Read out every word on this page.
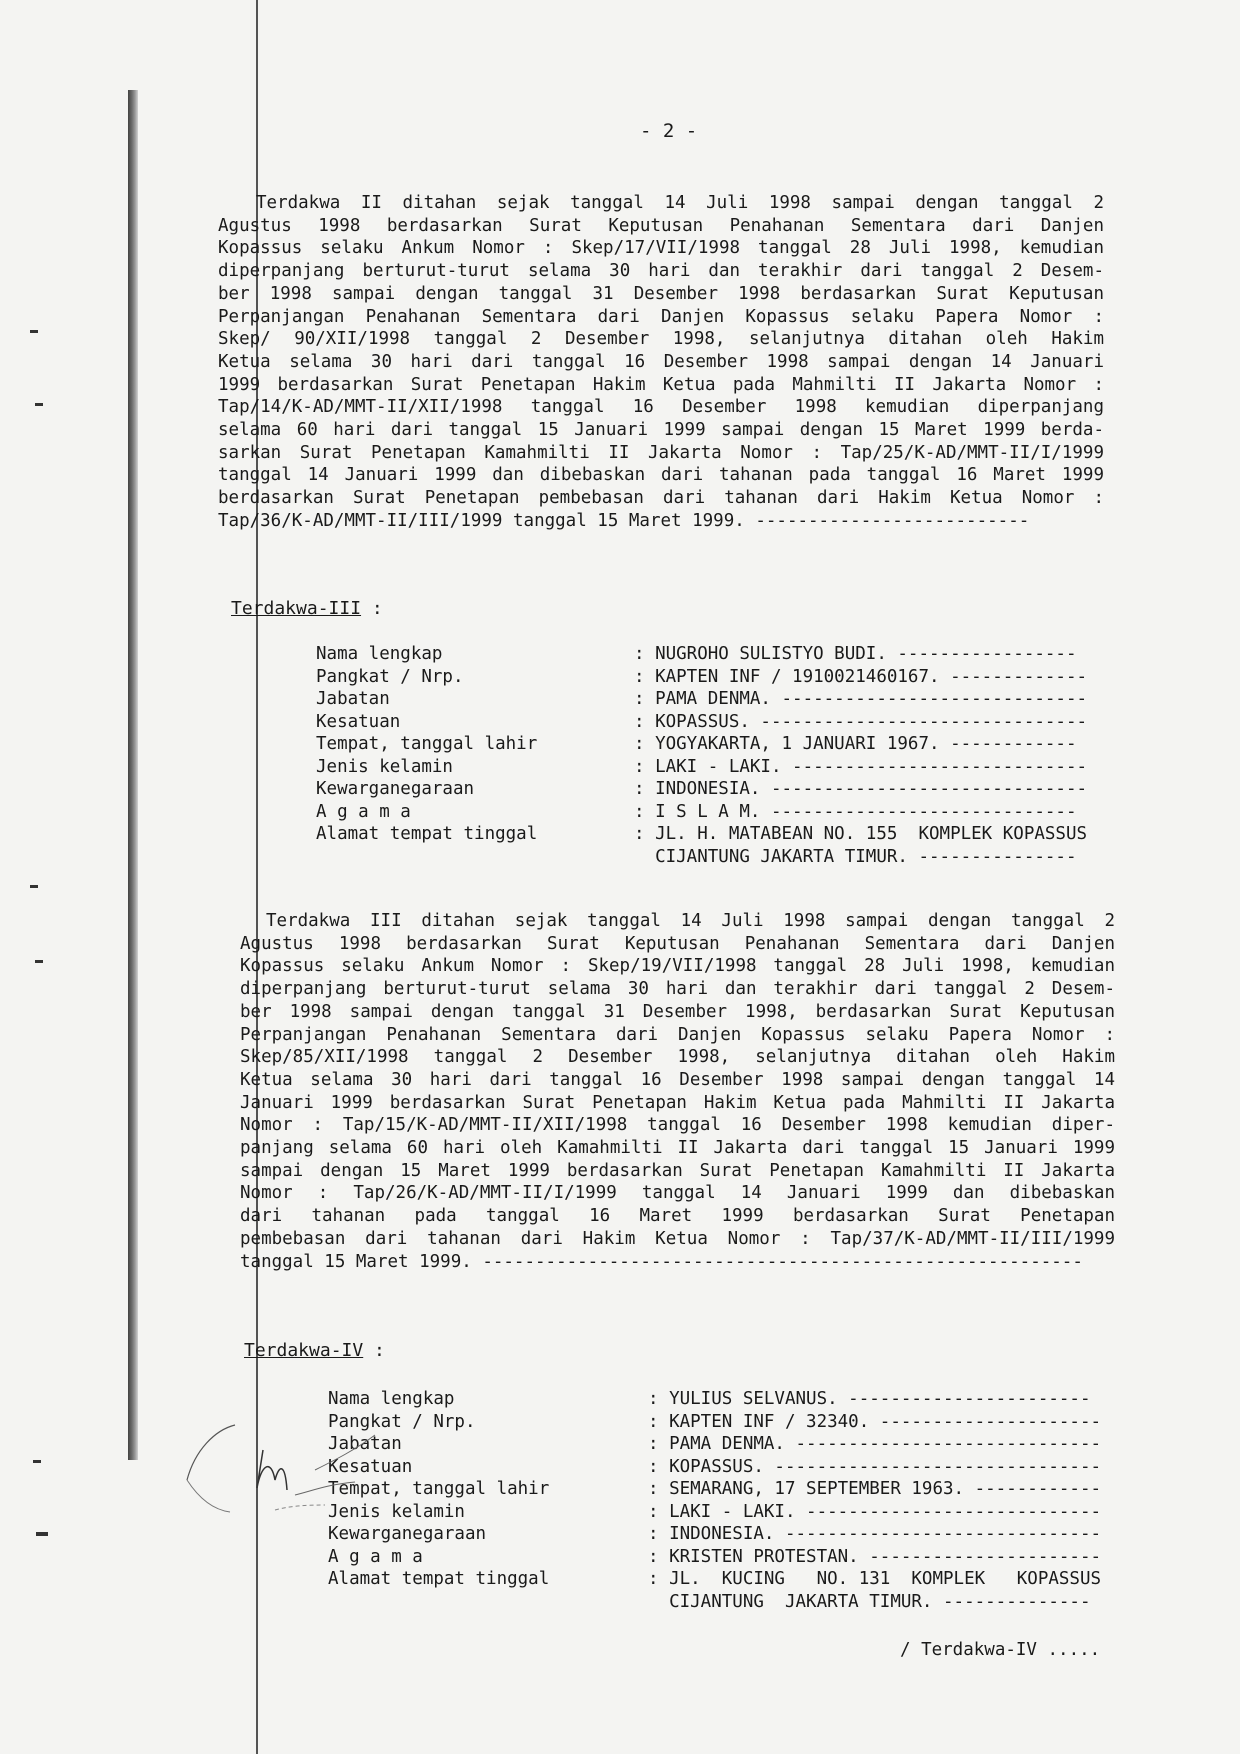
- 2 -
Terdakwa II ditahan sejak tanggal 14 Juli 1998 sampai dengan tanggal 2
Agustus 1998 berdasarkan Surat Keputusan Penahanan Sementara dari Danjen
Kopassus selaku Ankum Nomor : Skep/17/VII/1998 tanggal 28 Juli 1998, kemudian
diperpanjang berturut-turut selama 30 hari dan terakhir dari tanggal 2 Desem-
ber 1998 sampai dengan tanggal 31 Desember 1998 berdasarkan Surat Keputusan
Perpanjangan Penahanan Sementara dari Danjen Kopassus selaku Papera Nomor :
Skep/ 90/XII/1998 tanggal 2 Desember 1998, selanjutnya ditahan oleh Hakim
Ketua selama 30 hari dari tanggal 16 Desember 1998 sampai dengan 14 Januari
1999 berdasarkan Surat Penetapan Hakim Ketua pada Mahmilti II Jakarta Nomor :
Tap/14/K-AD/MMT-II/XII/1998 tanggal 16 Desember 1998 kemudian diperpanjang
selama 60 hari dari tanggal 15 Januari 1999 sampai dengan 15 Maret 1999 berda-
sarkan Surat Penetapan Kamahmilti II Jakarta Nomor : Tap/25/K-AD/MMT-II/I/1999
tanggal 14 Januari 1999 dan dibebaskan dari tahanan pada tanggal 16 Maret 1999
berdasarkan Surat Penetapan pembebasan dari tahanan dari Hakim Ketua Nomor :
Tap/36/K-AD/MMT-II/III/1999 tanggal 15 Maret 1999. --------------------------
Terdakwa-III :
Nama lengkap	: NUGROHO SULISTYO BUDI. -----------------
Pangkat / Nrp.	: KAPTEN INF / 1910021460167. -------------
Jabatan	: PAMA DENMA. -----------------------------
Kesatuan	: KOPASSUS. -------------------------------
Tempat, tanggal lahir	: YOGYAKARTA, 1 JANUARI 1967. ------------
Jenis kelamin	: LAKI - LAKI. ----------------------------
Kewarganegaraan	: INDONESIA. ------------------------------
A g a m a	: I S L A M. -----------------------------
Alamat tempat tinggal	: JL. H. MATABEAN NO. 155  KOMPLEK KOPASSUS
CIJANTUNG JAKARTA TIMUR. ---------------
Terdakwa III ditahan sejak tanggal 14 Juli 1998 sampai dengan tanggal 2
Agustus 1998 berdasarkan Surat Keputusan Penahanan Sementara dari Danjen
Kopassus selaku Ankum Nomor : Skep/19/VII/1998 tanggal 28 Juli 1998, kemudian
diperpanjang berturut-turut selama 30 hari dan terakhir dari tanggal 2 Desem-
ber 1998 sampai dengan tanggal 31 Desember 1998, berdasarkan Surat Keputusan
Perpanjangan Penahanan Sementara dari Danjen Kopassus selaku Papera Nomor :
Skep/85/XII/1998 tanggal 2 Desember 1998, selanjutnya ditahan oleh Hakim
Ketua selama 30 hari dari tanggal 16 Desember 1998 sampai dengan tanggal 14
Januari 1999 berdasarkan Surat Penetapan Hakim Ketua pada Mahmilti II Jakarta
Nomor : Tap/15/K-AD/MMT-II/XII/1998 tanggal 16 Desember 1998 kemudian diper-
panjang selama 60 hari oleh Kamahmilti II Jakarta dari tanggal 15 Januari 1999
sampai dengan 15 Maret 1999 berdasarkan Surat Penetapan Kamahmilti II Jakarta
Nomor : Tap/26/K-AD/MMT-II/I/1999 tanggal 14 Januari 1999 dan dibebaskan
dari tahanan pada tanggal 16 Maret 1999 berdasarkan Surat Penetapan
pembebasan dari tahanan dari Hakim Ketua Nomor : Tap/37/K-AD/MMT-II/III/1999
tanggal 15 Maret 1999. ---------------------------------------------------------
Terdakwa-IV :
Nama lengkap	: YULIUS SELVANUS. -----------------------
Pangkat / Nrp.	: KAPTEN INF / 32340. ---------------------
Jabatan	: PAMA DENMA. -----------------------------
Kesatuan	: KOPASSUS. -------------------------------
Tempat, tanggal lahir	: SEMARANG, 17 SEPTEMBER 1963. ------------
Jenis kelamin	: LAKI - LAKI. ----------------------------
Kewarganegaraan	: INDONESIA. ------------------------------
A g a m a	: KRISTEN PROTESTAN. ----------------------
Alamat tempat tinggal	: JL.  KUCING   NO. 131  KOMPLEK   KOPASSUS
CIJANTUNG  JAKARTA TIMUR. --------------
/ Terdakwa-IV .....
